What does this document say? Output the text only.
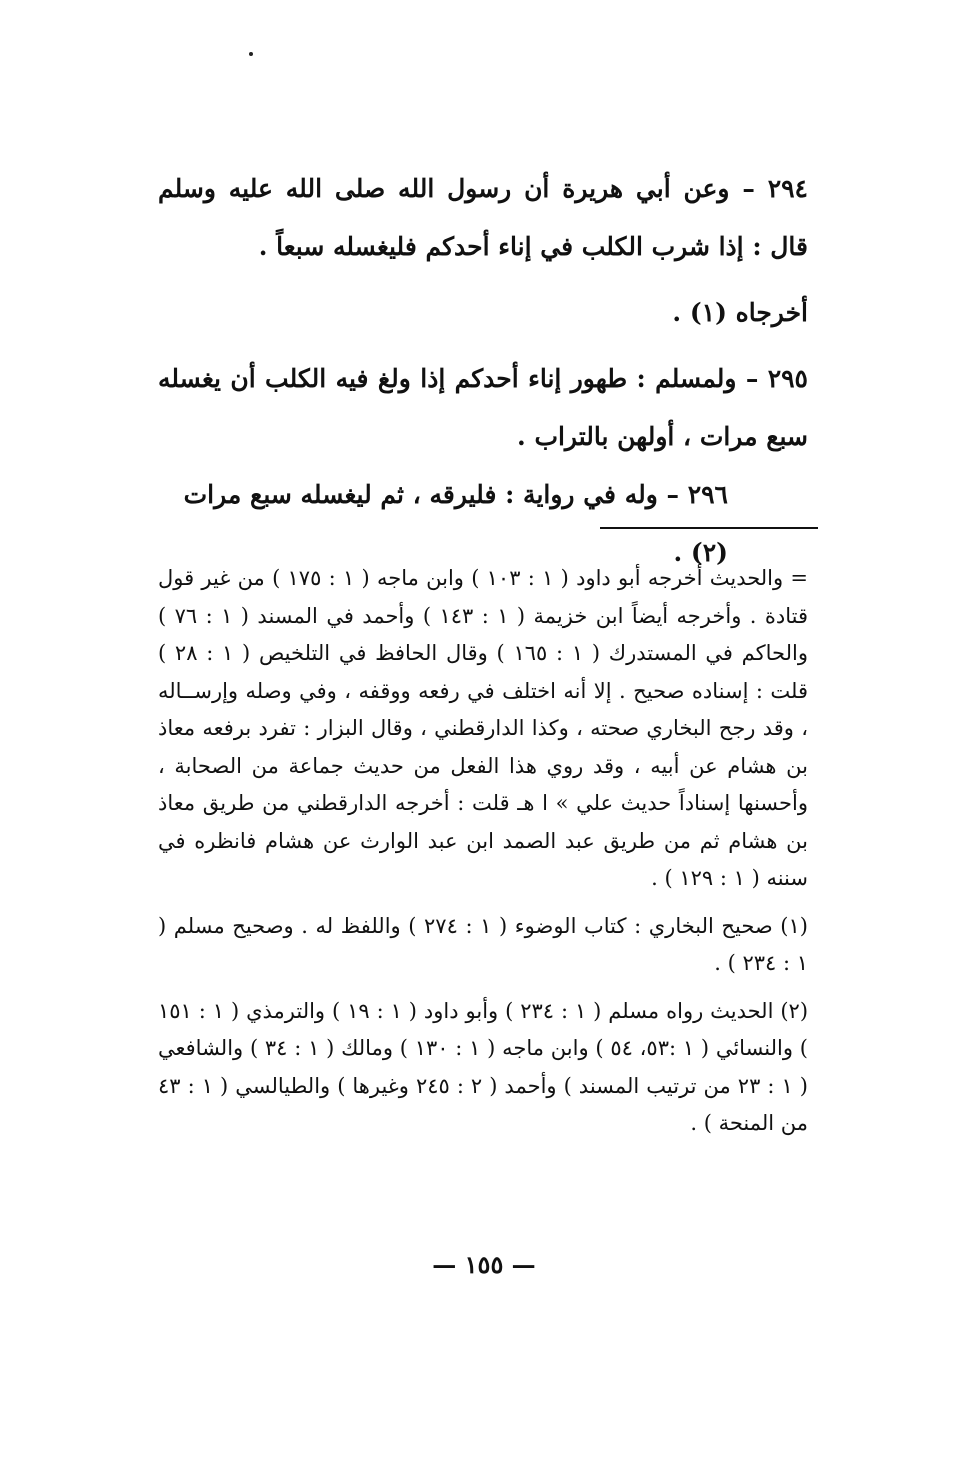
٢٩٤ – وعن أبي هريرة أن رسول الله صلى الله عليه وسلم قال : إذا شرب الكلب في إناء أحدكم فليغسله سبعاً .

أخرجاه (١) .

٢٩٥ – ولمسلم : طهور إناء أحدكم إذا ولغ فيه الكلب أن يغسله سبع مرات ، أولهن بالتراب .

٢٩٦ – وله في رواية : فليرقه ، ثم ليغسله سبع مرات (٢) .

= والحديث أخرجه أبو داود ( ١ : ١٠٣ ) وابن ماجه ( ١ : ١٧٥ ) من غير قول قتادة . وأخرجه أيضاً ابن خزيمة ( ١ : ١٤٣ ) وأحمد في المسند ( ١ : ٧٦ ) والحاكم في المستدرك ( ١ : ١٦٥ ) وقال الحافظ في التلخيص ( ١ : ٢٨ ) قلت : إسناده صحيح . إلا أنه اختلف في رفعه ووقفه ، وفي وصله وإرســاله ، وقد رجح البخاري صحته ، وكذا الدارقطني ، وقال البزار : تفرد برفعه معاذ بن هشام عن أبيه ، وقد روي هذا الفعل من حديث جماعة من الصحابة ، وأحسنها إسناداً حديث علي » ا هـ قلت : أخرجه الدارقطني من طريق معاذ بن هشام ثم من طريق عبد الصمد ابن عبد الوارث عن هشام فانظره في سننه ( ١ : ١٢٩ ) .

(١) صحيح البخاري : كتاب الوضوء ( ١ : ٢٧٤ ) واللفظ له . وصحيح مسلم ( ١ : ٢٣٤ ) .

(٢) الحديث رواه مسلم ( ١ : ٢٣٤ ) وأبو داود ( ١ : ١٩ ) والترمذي ( ١ : ١٥١ ) والنسائي ( ١ :٥٣، ٥٤ ) وابن ماجه ( ١ : ١٣٠ ) ومالك ( ١ : ٣٤ ) والشافعي ( ١ : ٢٣ من ترتيب المسند ) وأحمد ( ٢ : ٢٤٥ وغيرها ) والطيالسي ( ١ : ٤٣ من المنحة ) .

— ١٥٥ —
